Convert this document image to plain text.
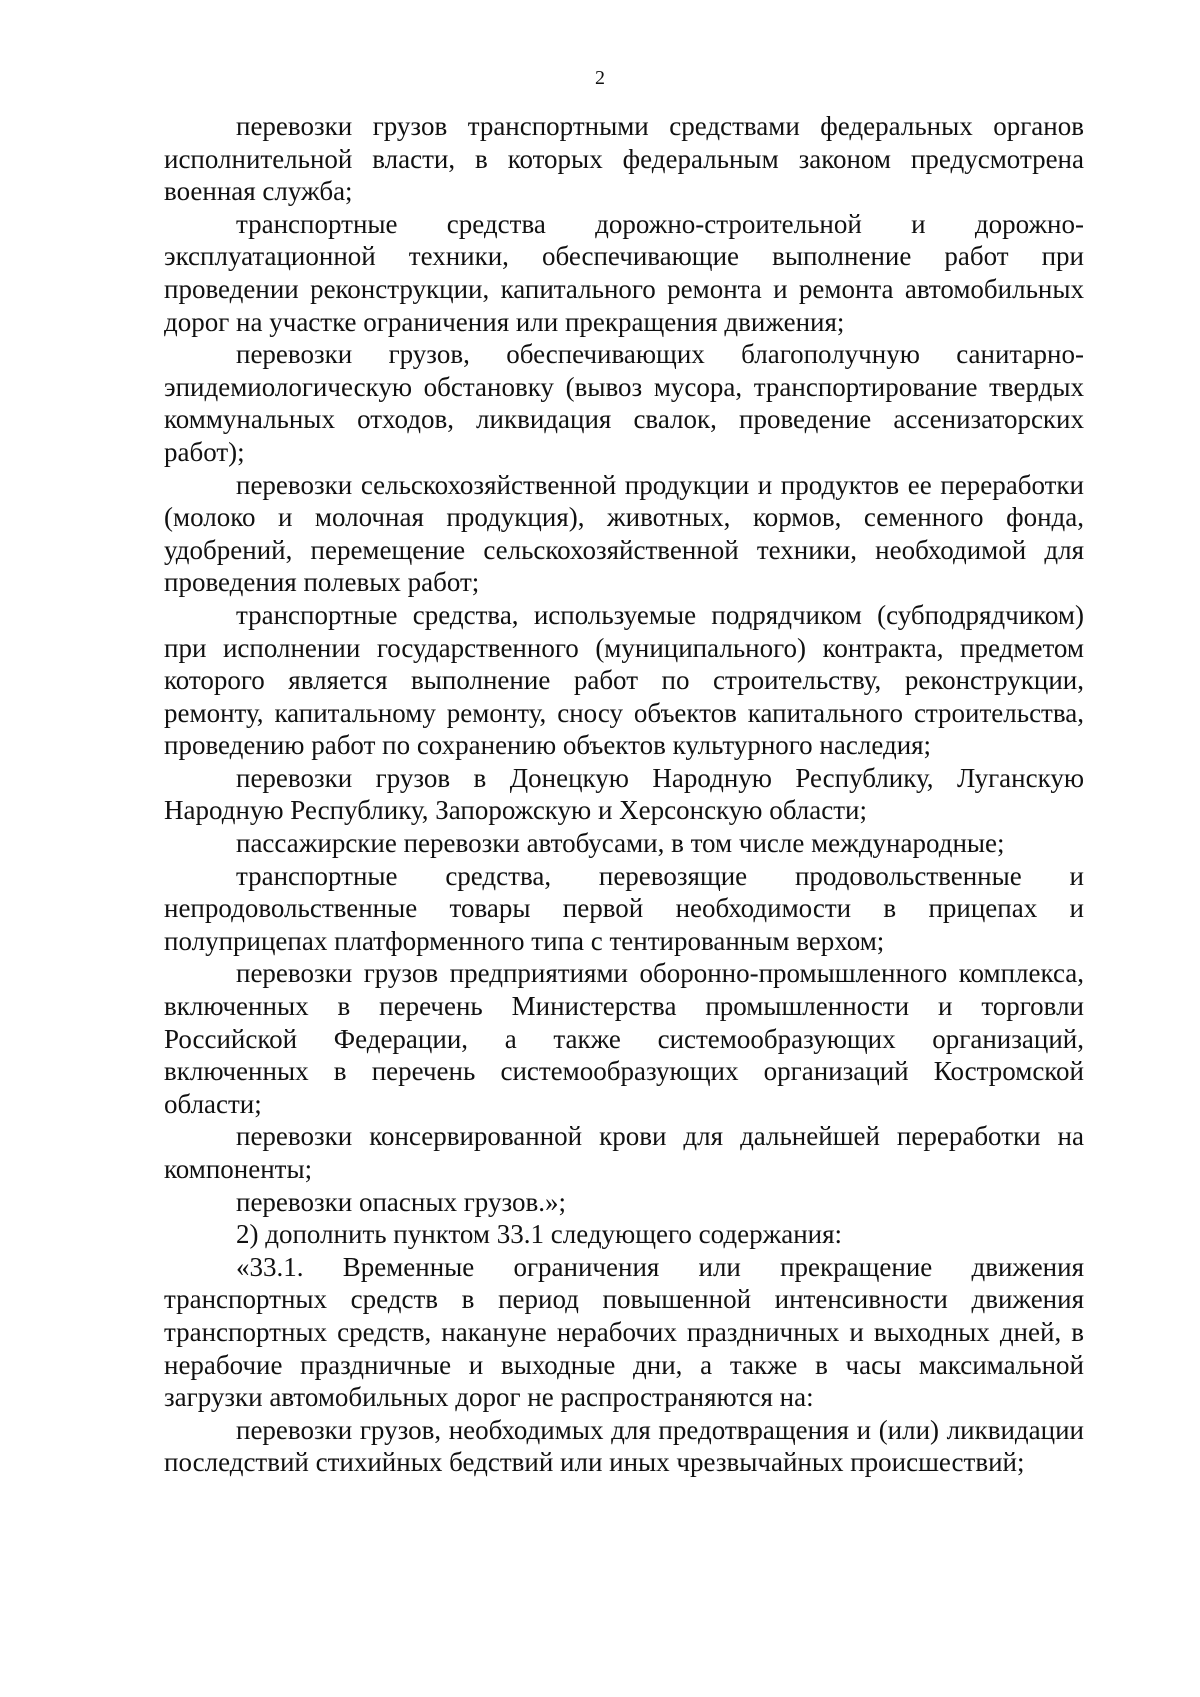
2

перевозки грузов транспортными средствами федеральных органов исполнительной власти, в которых федеральным законом предусмотрена военная служба;

транспортные средства дорожно-строительной и дорожно-эксплуатационной техники, обеспечивающие выполнение работ при проведении реконструкции, капитального ремонта и ремонта автомобильных дорог на участке ограничения или прекращения движения;

перевозки грузов, обеспечивающих благополучную санитарно-эпидемиологическую обстановку (вывоз мусора, транспортирование твердых коммунальных отходов, ликвидация свалок, проведение ассенизаторских работ);

перевозки сельскохозяйственной продукции и продуктов ее переработки (молоко и молочная продукция), животных, кормов, семенного фонда, удобрений, перемещение сельскохозяйственной техники, необходимой для проведения полевых работ;

транспортные средства, используемые подрядчиком (субподрядчиком) при исполнении государственного (муниципального) контракта, предметом которого является выполнение работ по строительству, реконструкции, ремонту, капитальному ремонту, сносу объектов капитального строительства, проведению работ по сохранению объектов культурного наследия;

перевозки грузов в Донецкую Народную Республику, Луганскую Народную Республику, Запорожскую и Херсонскую области;

пассажирские перевозки автобусами, в том числе международные;

транспортные средства, перевозящие продовольственные и непродовольственные товары первой необходимости в прицепах и полуприцепах платформенного типа с тентированным верхом;

перевозки грузов предприятиями оборонно-промышленного комплекса, включенных в перечень Министерства промышленности и торговли Российской Федерации, а также системообразующих организаций, включенных в перечень системообразующих организаций Костромской области;

перевозки консервированной крови для дальнейшей переработки на компоненты;

перевозки опасных грузов.»;

2) дополнить пунктом 33.1 следующего содержания:

«33.1. Временные ограничения или прекращение движения транспортных средств в период повышенной интенсивности движения транспортных средств, накануне нерабочих праздничных и выходных дней, в нерабочие праздничные и выходные дни, а также в часы максимальной загрузки автомобильных дорог не распространяются на:

перевозки грузов, необходимых для предотвращения и (или) ликвидации последствий стихийных бедствий или иных чрезвычайных происшествий;
